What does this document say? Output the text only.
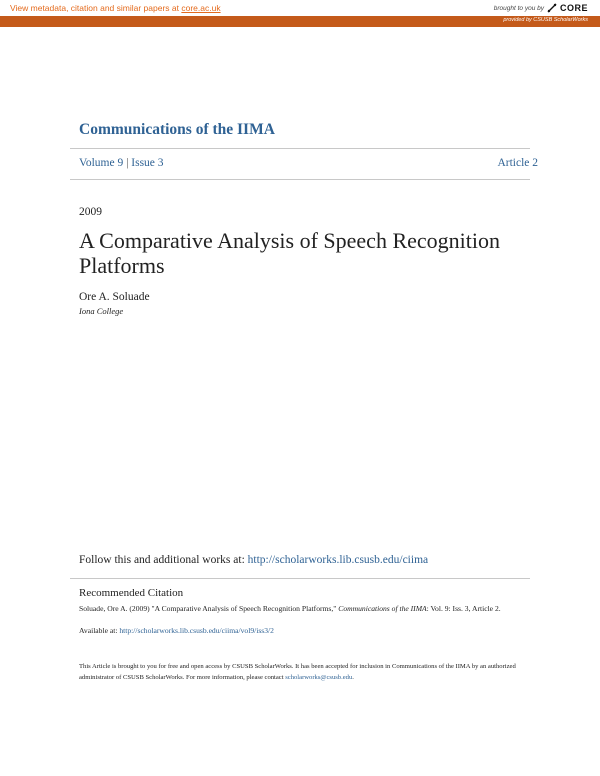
View metadata, citation and similar papers at core.ac.uk	brought to you by CORE
provided by CSUSB ScholarWorks
Communications of the IIMA
Volume 9 | Issue 3	Article 2
2009
A Comparative Analysis of Speech Recognition Platforms
Ore A. Soluade
Iona College
Follow this and additional works at: http://scholarworks.lib.csusb.edu/ciima
Recommended Citation
Soluade, Ore A. (2009) "A Comparative Analysis of Speech Recognition Platforms," Communications of the IIMA: Vol. 9: Iss. 3, Article 2.
Available at: http://scholarworks.lib.csusb.edu/ciima/vol9/iss3/2
This Article is brought to you for free and open access by CSUSB ScholarWorks. It has been accepted for inclusion in Communications of the IIMA by an authorized administrator of CSUSB ScholarWorks. For more information, please contact scholarworks@csusb.edu.
